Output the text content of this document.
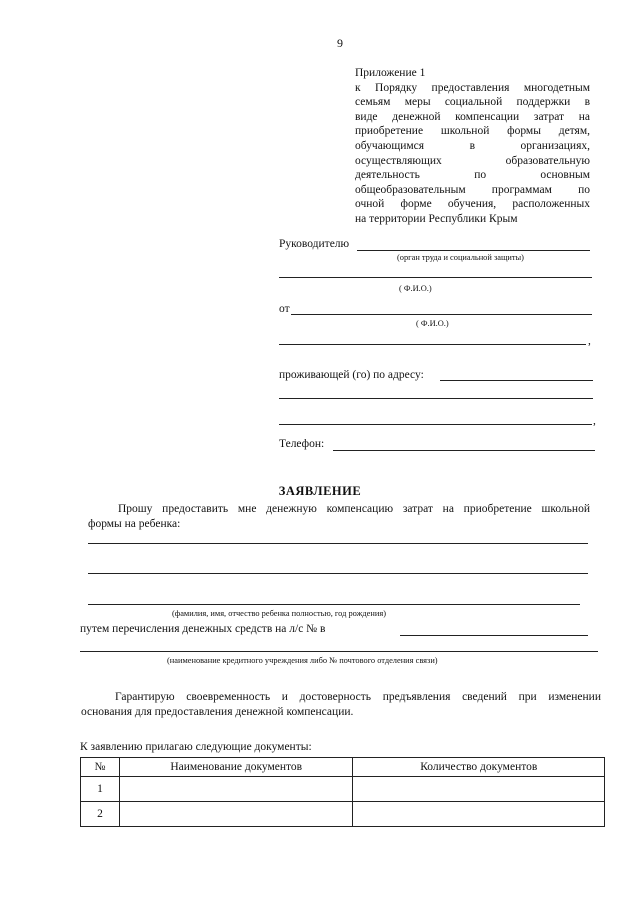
9
Приложение 1
к Порядку предоставления многодетным
семьям меры социальной поддержки в
виде денежной компенсации затрат на
приобретение школьной формы детям,
обучающимся в организациях,
осуществляющих образовательную
деятельность по основным
общеобразовательным программам по
очной форме обучения, расположенных
на территории Республики Крым
Руководителю
(орган труда и социальной защиты)
( Ф.И.О.)
от
( Ф.И.О.)
,
проживающей (го) по адресу:
,
Телефон:
ЗАЯВЛЕНИЕ
Прошу предоставить мне денежную компенсацию затрат на приобретение школьной
формы на ребенка:
(фамилия, имя, отчество ребенка полностью, год рождения)
путем перечисления денежных средств на л/с № в
(наименование кредитного учреждения либо № почтового отделения связи)
Гарантирую своевременность и достоверность предъявления сведений при изменении
основания для предоставления денежной компенсации.
К заявлению прилагаю следующие документы:
№	Наименование документов	Количество документов
1		
2		
